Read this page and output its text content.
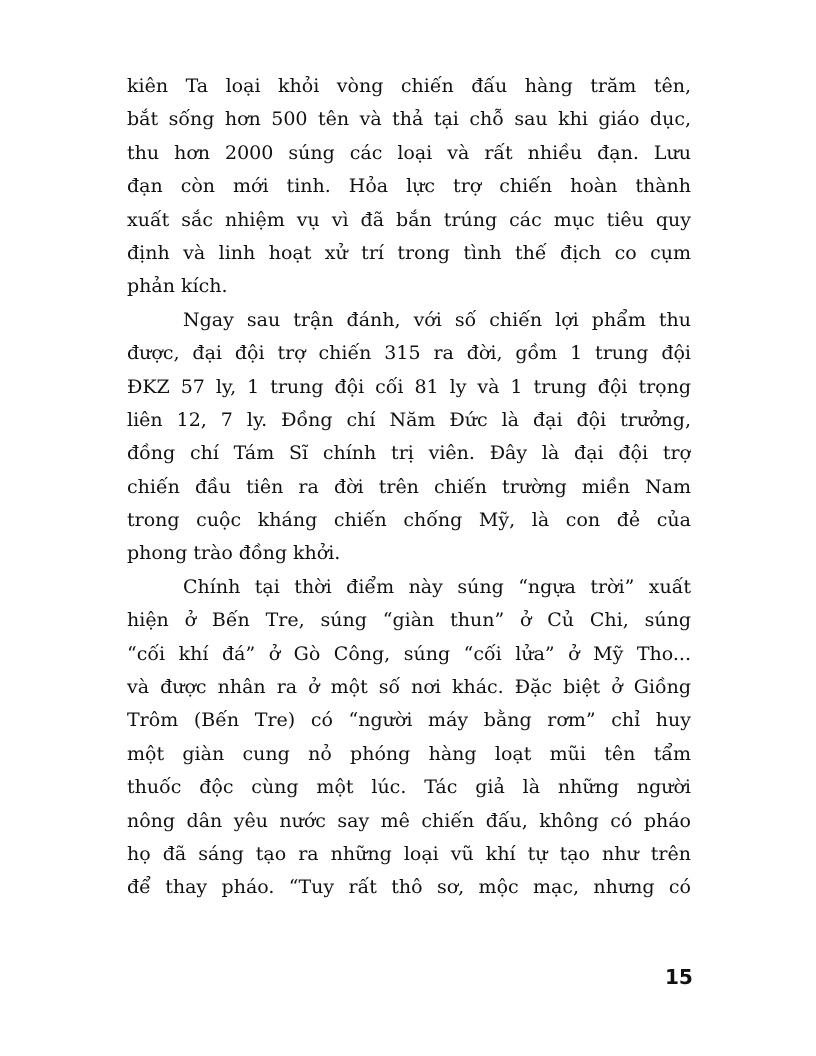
kiên Ta loại khỏi vòng chiến đấu hàng trăm tên,
bắt sống hơn 500 tên và thả tại chỗ sau khi giáo dục,
thu hơn 2000 súng các loại và rất nhiều đạn. Lưu
đạn còn mới tinh. Hỏa lực trợ chiến hoàn thành
xuất sắc nhiệm vụ vì đã bắn trúng các mục tiêu quy
định và linh hoạt xử trí trong tình thế địch co cụm
phản kích.
Ngay sau trận đánh, với số chiến lợi phẩm thu
được, đại đội trợ chiến 315 ra đời, gồm 1 trung đội
ĐKZ 57 ly, 1 trung đội cối 81 ly và 1 trung đội trọng
liên 12, 7 ly. Đồng chí Năm Đức là đại đội trưởng,
đồng chí Tám Sĩ chính trị viên. Đây là đại đội trợ
chiến đầu tiên ra đời trên chiến trường miền Nam
trong cuộc kháng chiến chống Mỹ, là con đẻ của
phong trào đồng khởi.
Chính tại thời điểm này súng “ngựa trời” xuất
hiện ở Bến Tre, súng “giàn thun” ở Củ Chi, súng
“cối khí đá” ở Gò Công, súng “cối lửa” ở Mỹ Tho...
và được nhân ra ở một số nơi khác. Đặc biệt ở Giồng
Trôm (Bến Tre) có “người máy bằng rơm” chỉ huy
một giàn cung nỏ phóng hàng loạt mũi tên tẩm
thuốc độc cùng một lúc. Tác giả là những người
nông dân yêu nước say mê chiến đấu, không có pháo
họ đã sáng tạo ra những loại vũ khí tự tạo như trên
để thay pháo. “Tuy rất thô sơ, mộc mạc, nhưng có
15
